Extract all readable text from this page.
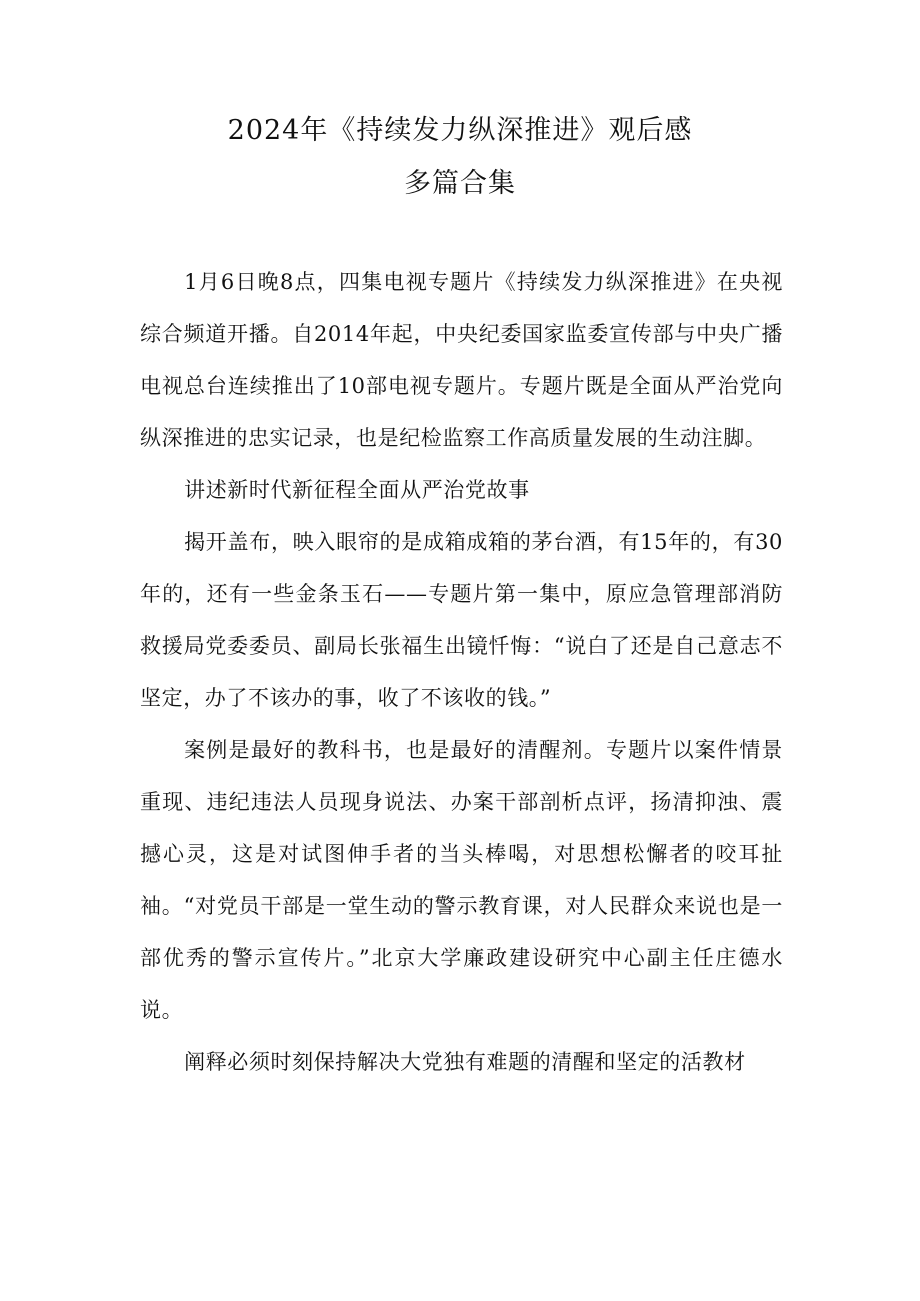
2024年《持续发力纵深推进》观后感
多篇合集

1月6日晚8点，四集电视专题片《持续发力纵深推进》在央视综合频道开播。自2014年起，中央纪委国家监委宣传部与中央广播电视总台连续推出了10部电视专题片。专题片既是全面从严治党向纵深推进的忠实记录，也是纪检监察工作高质量发展的生动注脚。

讲述新时代新征程全面从严治党故事

揭开盖布，映入眼帘的是成箱成箱的茅台酒，有15年的，有30年的，还有一些金条玉石——专题片第一集中，原应急管理部消防救援局党委委员、副局长张福生出镜忏悔：“说白了还是自己意志不坚定，办了不该办的事，收了不该收的钱。”

案例是最好的教科书，也是最好的清醒剂。专题片以案件情景重现、违纪违法人员现身说法、办案干部剖析点评，扬清抑浊、震撼心灵，这是对试图伸手者的当头棒喝，对思想松懈者的咬耳扯袖。“对党员干部是一堂生动的警示教育课，对人民群众来说也是一部优秀的警示宣传片。”北京大学廉政建设研究中心副主任庄德水说。

阐释必须时刻保持解决大党独有难题的清醒和坚定的活教材
